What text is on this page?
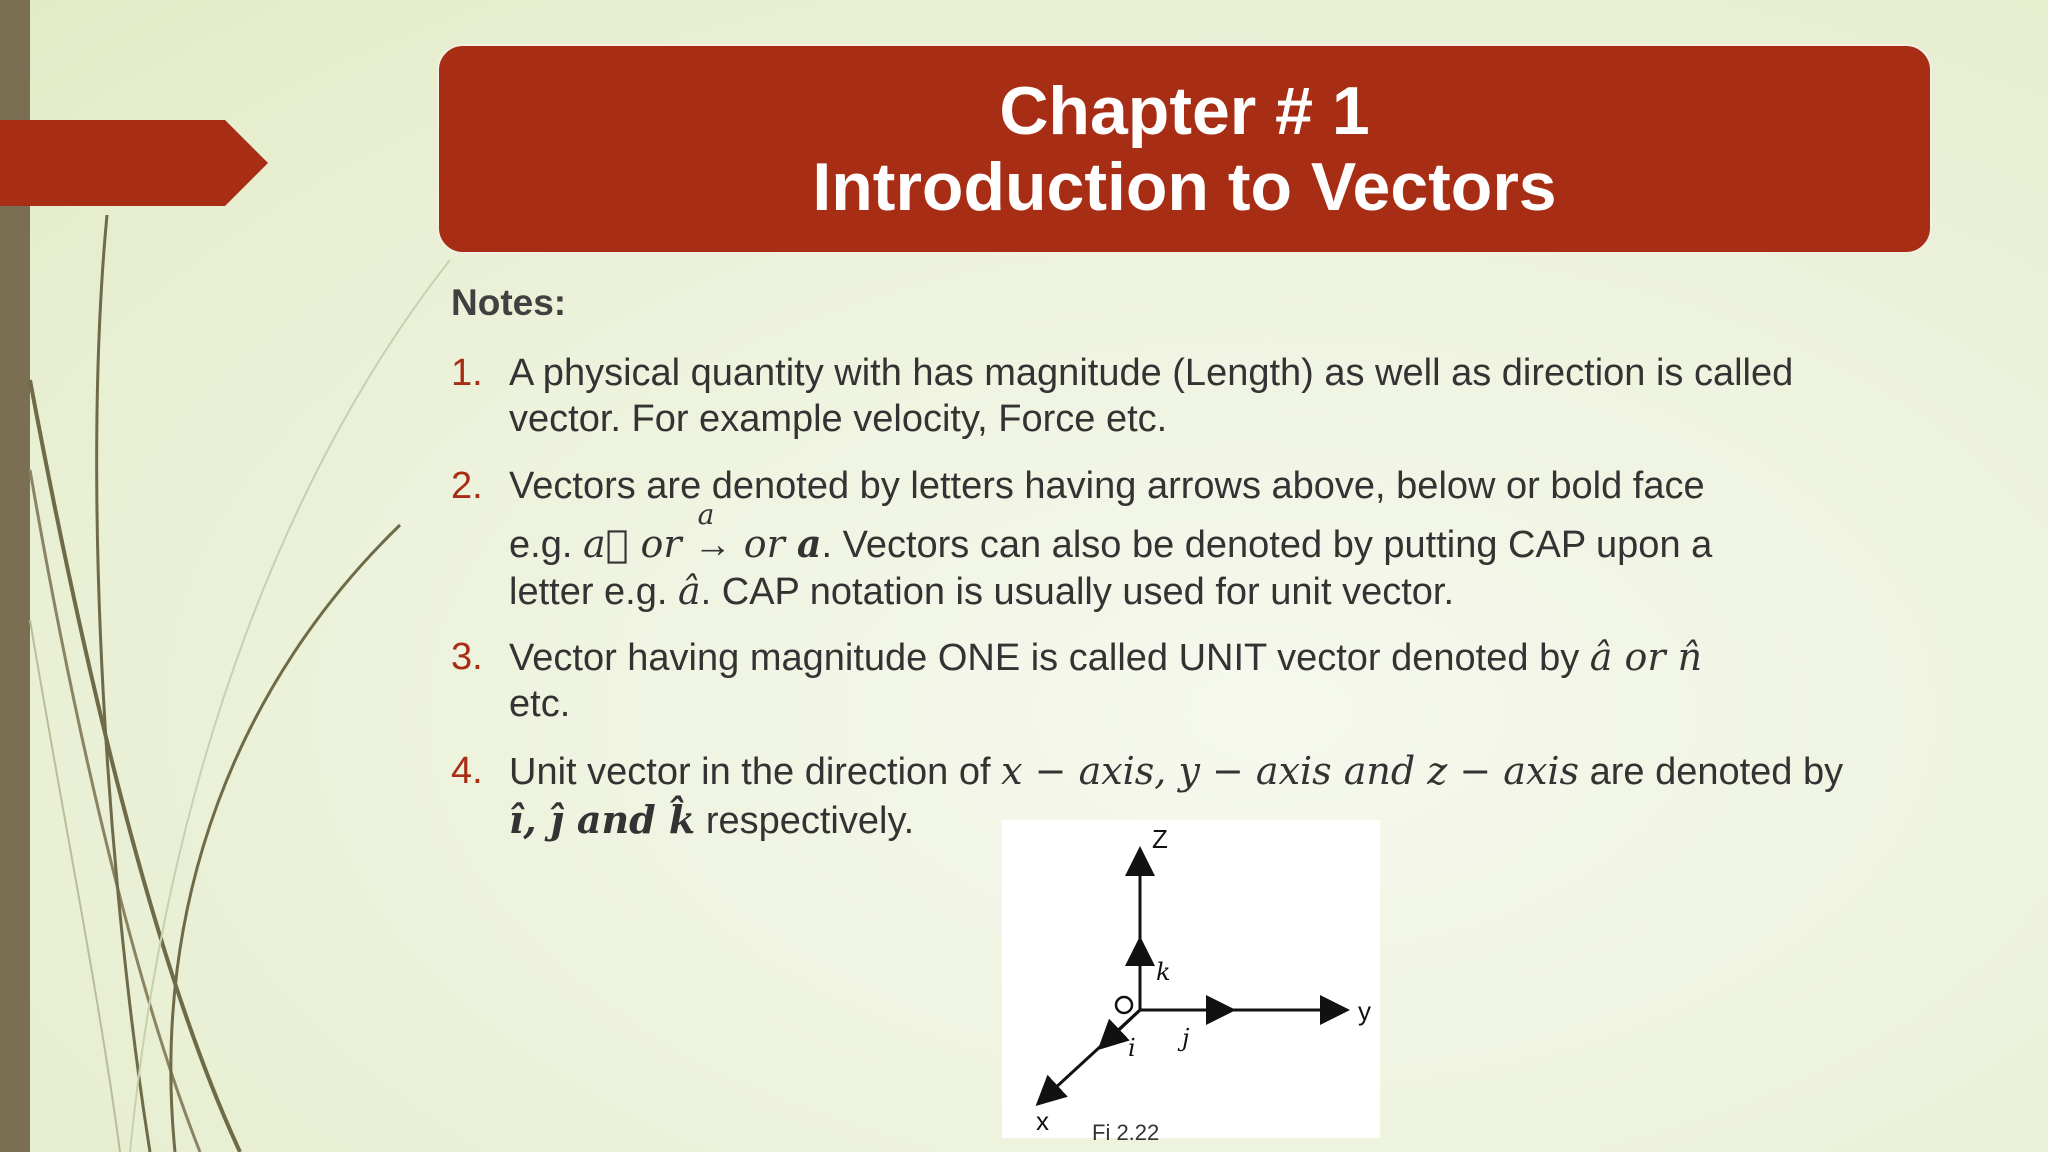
Chapter # 1
Introduction to Vectors
Notes:
1. A physical quantity with has magnitude (Length) as well as direction is called vector. For example velocity, Force etc.
2. Vectors are denoted by letters having arrows above, below or bold face
e.g. a⃗ or
a
→ or a. Vectors can also be denoted by putting CAP upon a
letter e.g. â. CAP notation is usually used for unit vector.
3. Vector having magnitude ONE is called UNIT vector denoted by â or n̂
etc.
4. Unit vector in the direction of x − axis, y − axis and z − axis are denoted by
î, ĵ and k̂ respectively.	Z
y
x
k
j
i
Fi 2.22
